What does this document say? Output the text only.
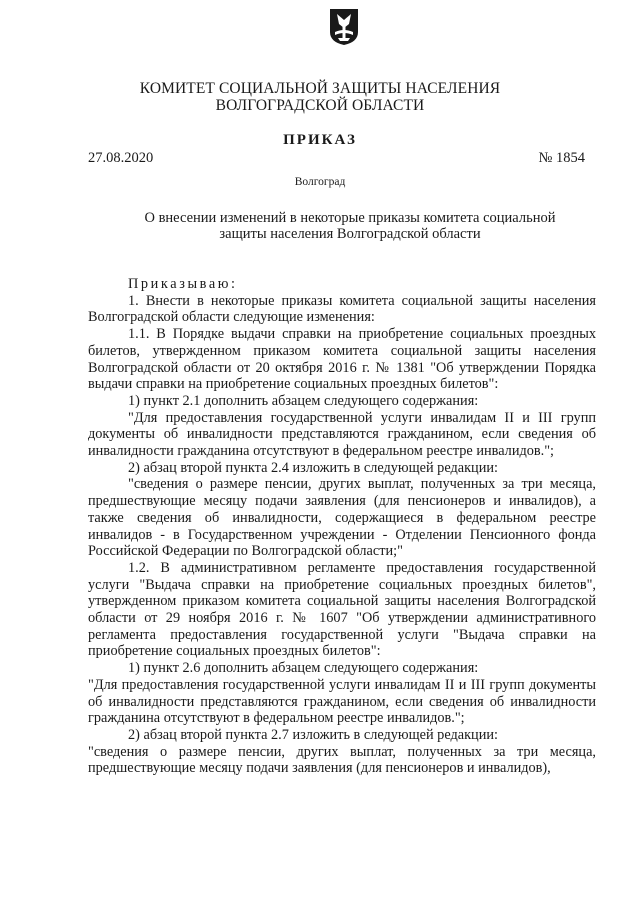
КОМИТЕТ СОЦИАЛЬНОЙ ЗАЩИТЫ НАСЕЛЕНИЯ
ВОЛГОГРАДСКОЙ ОБЛАСТИ
ПРИКАЗ
27.08.2020	№ 1854
Волгоград
О внесении изменений в некоторые приказы комитета социальной защиты населения Волгоградской области

Приказываю:

1. Внести в некоторые приказы комитета социальной защиты населения Волгоградской области следующие изменения:

1.1. В Порядке выдачи справки на приобретение социальных проездных билетов, утвержденном приказом комитета социальной защиты населения Волгоградской области от 20 октября 2016 г. № 1381 "Об утверждении Порядка выдачи справки на приобретение социальных проездных билетов":

1) пункт 2.1 дополнить абзацем следующего содержания:

"Для предоставления государственной услуги инвалидам II и III групп документы об инвалидности представляются гражданином, если сведения об инвалидности гражданина отсутствуют в федеральном реестре инвалидов.";

2) абзац второй пункта 2.4 изложить в следующей редакции:

"сведения о размере пенсии, других выплат, полученных за три месяца, предшествующие месяцу подачи заявления (для пенсионеров и инвалидов), а также сведения об инвалидности, содержащиеся в федеральном реестре инвалидов - в Государственном учреждении - Отделении Пенсионного фонда Российской Федерации по Волгоградской области;"

1.2. В административном регламенте предоставления государственной услуги "Выдача справки на приобретение социальных проездных билетов", утвержденном приказом комитета социальной защиты населения Волгоградской области от 29 ноября 2016 г. № 1607 "Об утверждении административного регламента предоставления государственной услуги "Выдача справки на приобретение социальных проездных билетов":

1) пункт 2.6 дополнить абзацем следующего содержания:

"Для предоставления государственной услуги инвалидам II и III групп документы об инвалидности представляются гражданином, если сведения об инвалидности гражданина отсутствуют в федеральном реестре инвалидов.";

2) абзац второй пункта 2.7 изложить в следующей редакции:

"сведения о размере пенсии, других выплат, полученных за три месяца, предшествующие месяцу подачи заявления (для пенсионеров и инвалидов),
